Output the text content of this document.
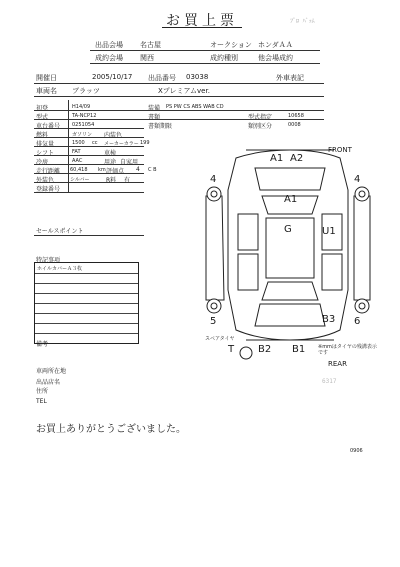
お買上票	ﾌﾟﾛ ﾊﾞｯﾑ
出品会場 名古屋	オークション ホンダＡＡ
成約会場 関西	成約種別	他会場成約
開催日	2005/10/17 出品番号 03038	外車表記
車両名 ブラッツ	Xプレミアムver.
初登	H14/09	装備 PS PW CS ABS WAB CD
型式	TA-NCP12	書類	型式指定	10658
車台番号 0251054	書類期限	類別区分	0008
燃料	ガソリン 内装色
排気量	1500 cc メーカーカラー 199
シフト	FAT	車検
冷房	AAC	用途 自家用
走行距離 60,418 km 評価点 4 C B
外装色	シルバー	R料 有
登録番号
セールスポイント
特記事項
ホイルカバーＡ３枚
備考
車両所在地
出品店名
住所
TEL
お買上ありがとうございました。
0906
6317
FRONT
REAR
A1 A2
A1
G	U1
B3
B2 B1
4	4
5	6
T
スペアタイヤ
※mmはタイヤの残溝表示です
